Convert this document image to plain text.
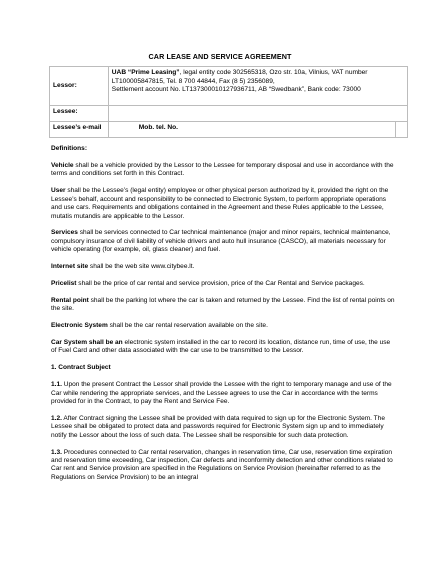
CAR LEASE AND SERVICE AGREEMENT
Lessor:	UAB “Prime Leasing”, legal entity code 302565318, Ozo str. 10a, Vilnius, VAT number LT100005847815, Tel. 8 700 44844, Fax (8 5) 2356089,
Settlement account No. LT137300010127936711, AB “Swedbank”, Bank code: 73000	
Lessee:		
Lessee’s e-mail	Mob. tel. No.	

Definitions:

Vehicle shall be a vehicle provided by the Lessor to the Lessee for temporary disposal and use in accordance with the terms and conditions set forth in this Contract.

User shall be the Lessee’s (legal entity) employee or other physical person authorized by it, provided the right on the Lessee’s behalf, account and responsibility to be connected to Electronic System, to perform appropriate operations and use cars. Requirements and obligations contained in the Agreement and these Rules applicable to the Lessee, mutatis mutandis are applicable to the Lessor.

Services shall be services connected to Car technical maintenance (major and minor repairs, technical maintenance, compulsory insurance of civil liability of vehicle drivers and auto hull insurance (CASCO), all materials necessary for vehicle operating (for example, oil, glass cleaner) and fuel.

Internet site shall be the web site www.citybee.lt.

Pricelist shall be the price of car rental and service provision, price of the Car Rental and Service packages.

Rental point shall be the parking lot where the car is taken and returned by the Lessee. Find the list of rental points on the site.

Electronic System shall be the car rental reservation available on the site.

Car System shall be an electronic system installed in the car to record its location, distance run, time of use, the use of Fuel Card and other data associated with the car use to be transmitted to the Lessor.

1. Contract Subject

1.1. Upon the present Contract the Lessor shall provide the Lessee with the right to temporary manage and use of the Car while rendering the appropriate services, and the Lessee agrees to use the Car in accordance with the terms provided for in the Contract, to pay the Rent and Service Fee.

1.2. After Contract signing the Lessee shall be provided with data required to sign up for the Electronic System. The Lessee shall be obligated to protect data and passwords required for Electronic System sign up and to immediately notify the Lessor about the loss of such data. The Lessee shall be responsible for such data protection.

1.3. Procedures connected to Car rental reservation, changes in reservation time, Car use, reservation time expiration and reservation time exceeding, Car inspection, Car defects and inconformity detection and other conditions related to Car rent and Service provision are specified in the Regulations on Service Provision (hereinafter referred to as the Regulations on Service Provision) to be an integral
